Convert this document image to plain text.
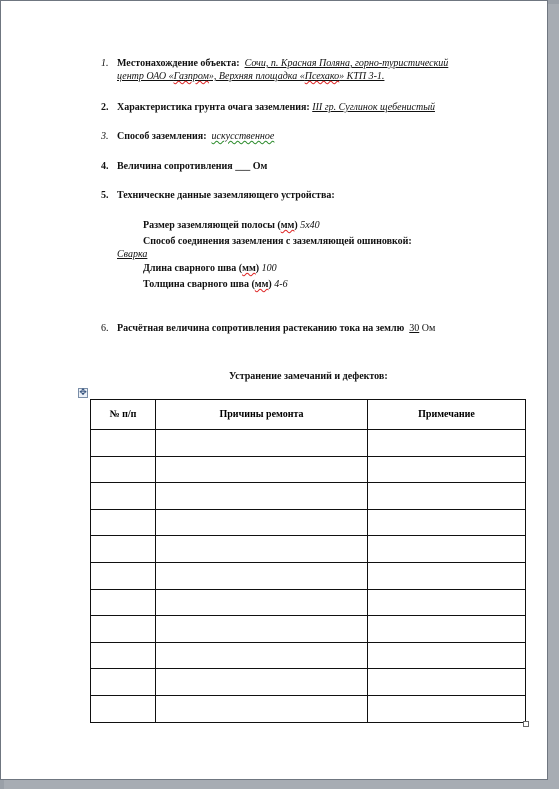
1. Местонахождение объекта: Сочи, п. Красная Поляна, горно-туристический
центр ОАО «Газпром», Верхняя площадка «Псехако» КТП 3-1.
2. Характеристика грунта очага заземления: III гр. Суглинок щебенистый
3. Способ заземления: искусственное
4. Величина сопротивления ___ Ом
5. Техническне данные заземляющего устройства:
Размер заземляющей полосы (мм) 5х40
Способ соединения заземления с заземляющей ошиновкой:
Сварка
Длина сварного шва (мм) 100
Толщина сварного шва (мм) 4-6
6. Расчётная величина сопротивления растеканию тока на землю 30 Ом
Устранение замечаний и дефектов:
✥
№ п/п	Причины ремонта	Примечание
